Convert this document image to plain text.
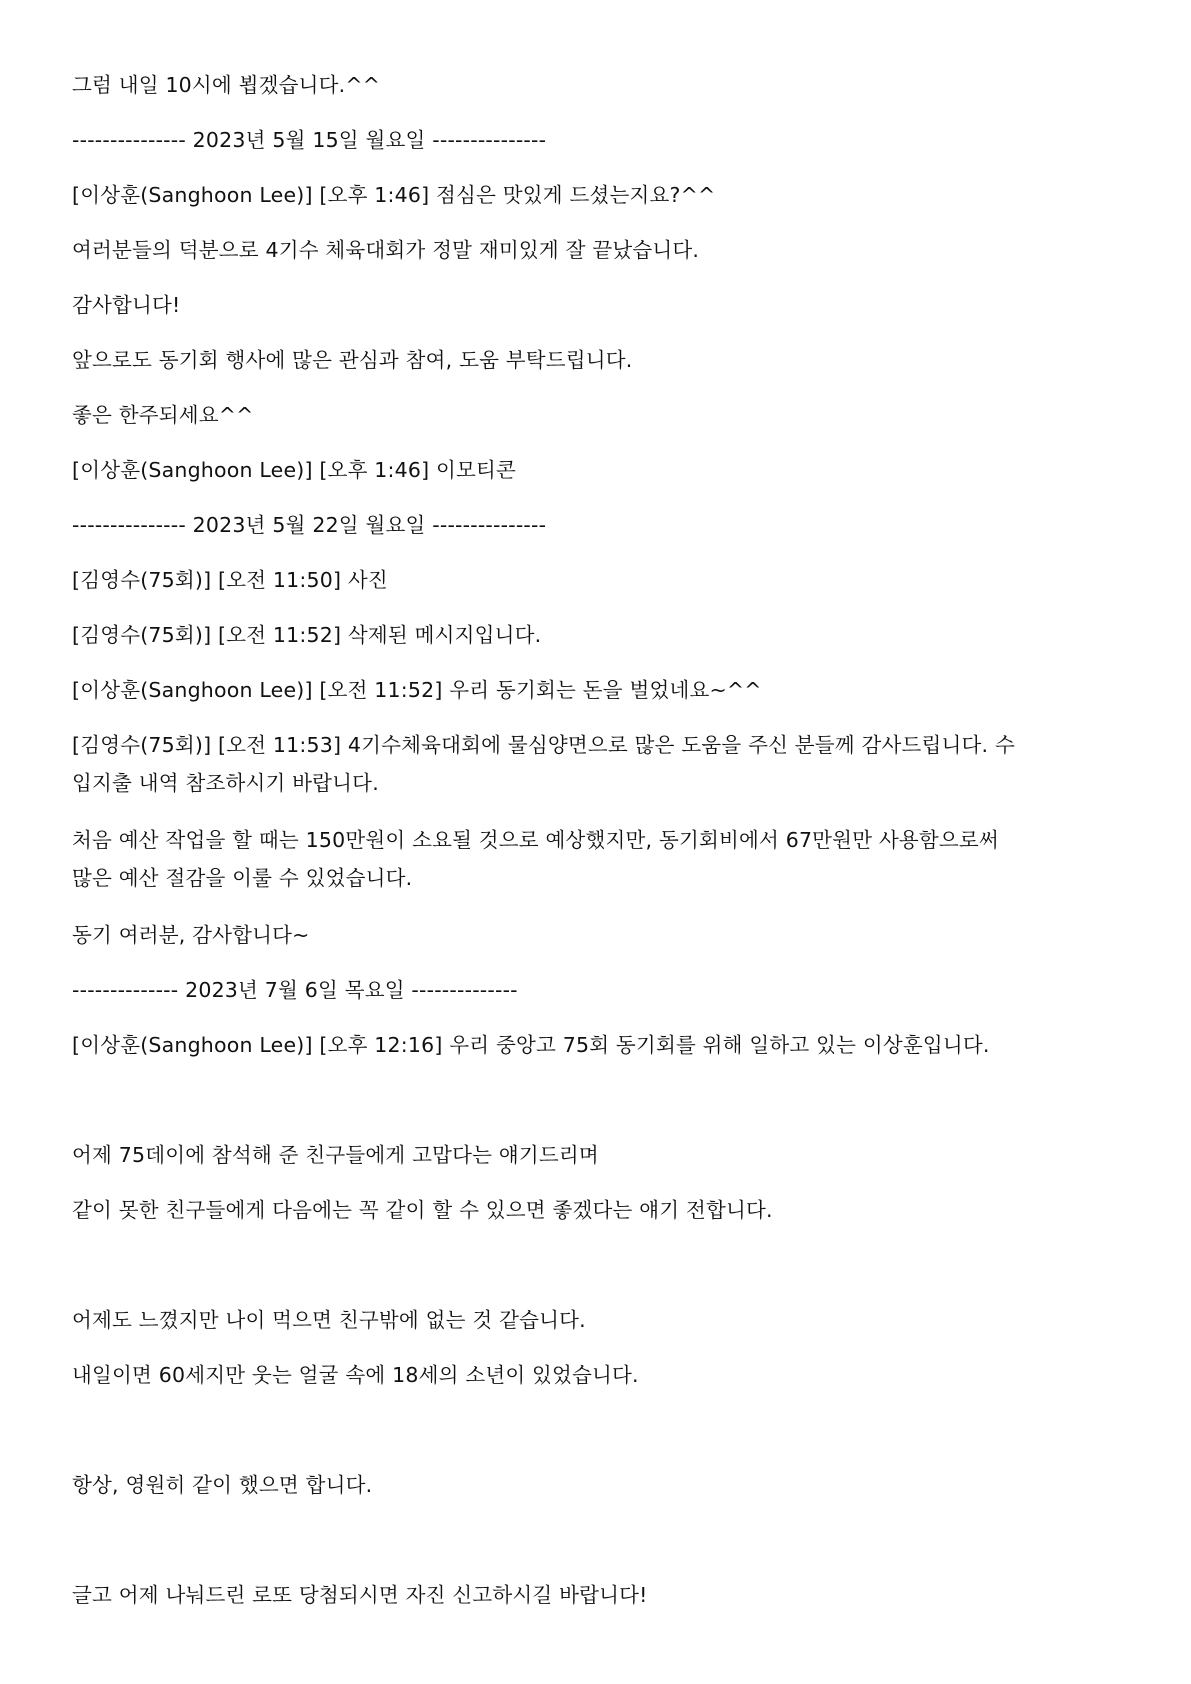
그럼 내일 10시에 뵙겠습니다.^^
--------------- 2023년 5월 15일 월요일 ---------------
[이상훈(Sanghoon Lee)] [오후 1:46] 점심은 맛있게 드셨는지요?^^
여러분들의 덕분으로 4기수 체육대회가 정말 재미있게 잘 끝났습니다.
감사합니다!
앞으로도 동기회 행사에 많은 관심과 참여, 도움 부탁드립니다.
좋은 한주되세요^^
[이상훈(Sanghoon Lee)] [오후 1:46] 이모티콘
--------------- 2023년 5월 22일 월요일 ---------------
[김영수(75회)] [오전 11:50] 사진
[김영수(75회)] [오전 11:52] 삭제된 메시지입니다.
[이상훈(Sanghoon Lee)] [오전 11:52] 우리 동기회는 돈을 벌었네요~^^
[김영수(75회)] [오전 11:53] 4기수체육대회에 물심양면으로 많은 도움을 주신 분들께 감사드립니다. 수
입지출 내역 참조하시기 바랍니다.
처음 예산 작업을 할 때는 150만원이 소요될 것으로 예상했지만, 동기회비에서 67만원만 사용함으로써
많은 예산 절감을 이룰 수 있었습니다.
동기 여러분, 감사합니다~
-------------- 2023년 7월 6일 목요일 --------------
[이상훈(Sanghoon Lee)] [오후 12:16] 우리 중앙고 75회 동기회를 위해 일하고 있는 이상훈입니다.
어제 75데이에 참석해 준 친구들에게 고맙다는 얘기드리며
같이 못한 친구들에게 다음에는 꼭 같이 할 수 있으면 좋겠다는 얘기 전합니다.
어제도 느꼈지만 나이 먹으면 친구밖에 없는 것 같습니다.
내일이면 60세지만 웃는 얼굴 속에 18세의 소년이 있었습니다.
항상, 영원히 같이 했으면 합니다.
글고 어제 나눠드린 로또 당첨되시면 자진 신고하시길 바랍니다!
